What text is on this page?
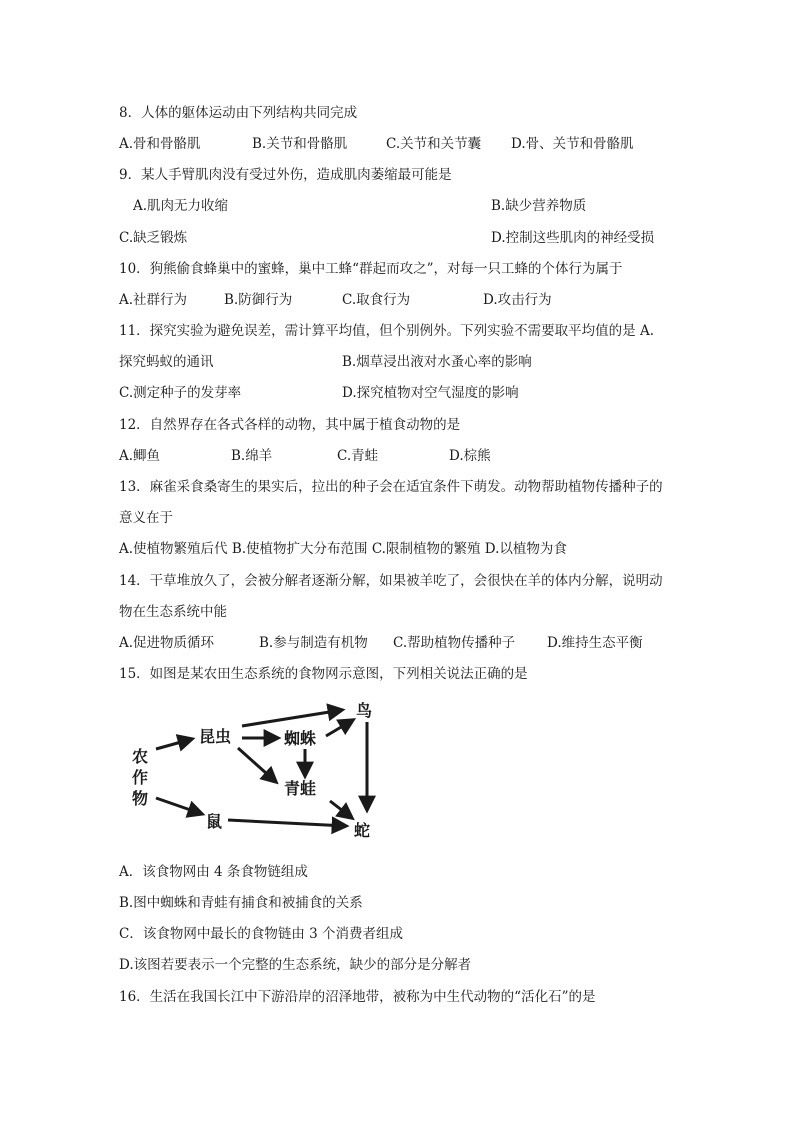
8．人体的躯体运动由下列结构共同完成
A.骨和骨骼肌	B.关节和骨骼肌	C.关节和关节囊 D.骨、关节和骨骼肌
9．某人手臂肌肉没有受过外伤，造成肌肉萎缩最可能是
A.肌肉无力收缩	B.缺少营养物质
C.缺乏锻炼	D.控制这些肌肉的神经受损
10．狗熊偷食蜂巢中的蜜蜂，巢中工蜂“群起而攻之”，对每一只工蜂的个体行为属于
A.社群行为	B.防御行为	C.取食行为	D.攻击行为
11．探究实验为避免误差，需计算平均值，但个别例外。下列实验不需要取平均值的是 A.
探究蚂蚁的通讯	B.烟草浸出液对水蚤心率的影响
C.测定种子的发芽率	D.探究植物对空气湿度的影响
12．自然界存在各式各样的动物，其中属于植食动物的是
A.鲫鱼	B.绵羊	C.青蛙	D.棕熊
13．麻雀采食桑寄生的果实后，拉出的种子会在适宜条件下萌发。动物帮助植物传播种子的
意义在于
A.使植物繁殖后代 B.使植物扩大分布范围 C.限制植物的繁殖 D.以植物为食
14．干草堆放久了，会被分解者逐渐分解，如果被羊吃了，会很快在羊的体内分解，说明动
物在生态系统中能
A.促进物质循环	B.参与制造有机物 C.帮助植物传播种子 D.维持生态平衡
15．如图是某农田生态系统的食物网示意图，下列相关说法正确的是
农
作
物
昆虫	蜘蛛
鸟
青蛙
鼠	蛇
A．该食物网由 4 条食物链组成
B.图中蜘蛛和青蛙有捕食和被捕食的关系
C．该食物网中最长的食物链由 3 个消费者组成
D.该图若要表示一个完整的生态系统，缺少的部分是分解者
16．生活在我国长江中下游沿岸的沼泽地带，被称为中生代动物的“活化石”的是
